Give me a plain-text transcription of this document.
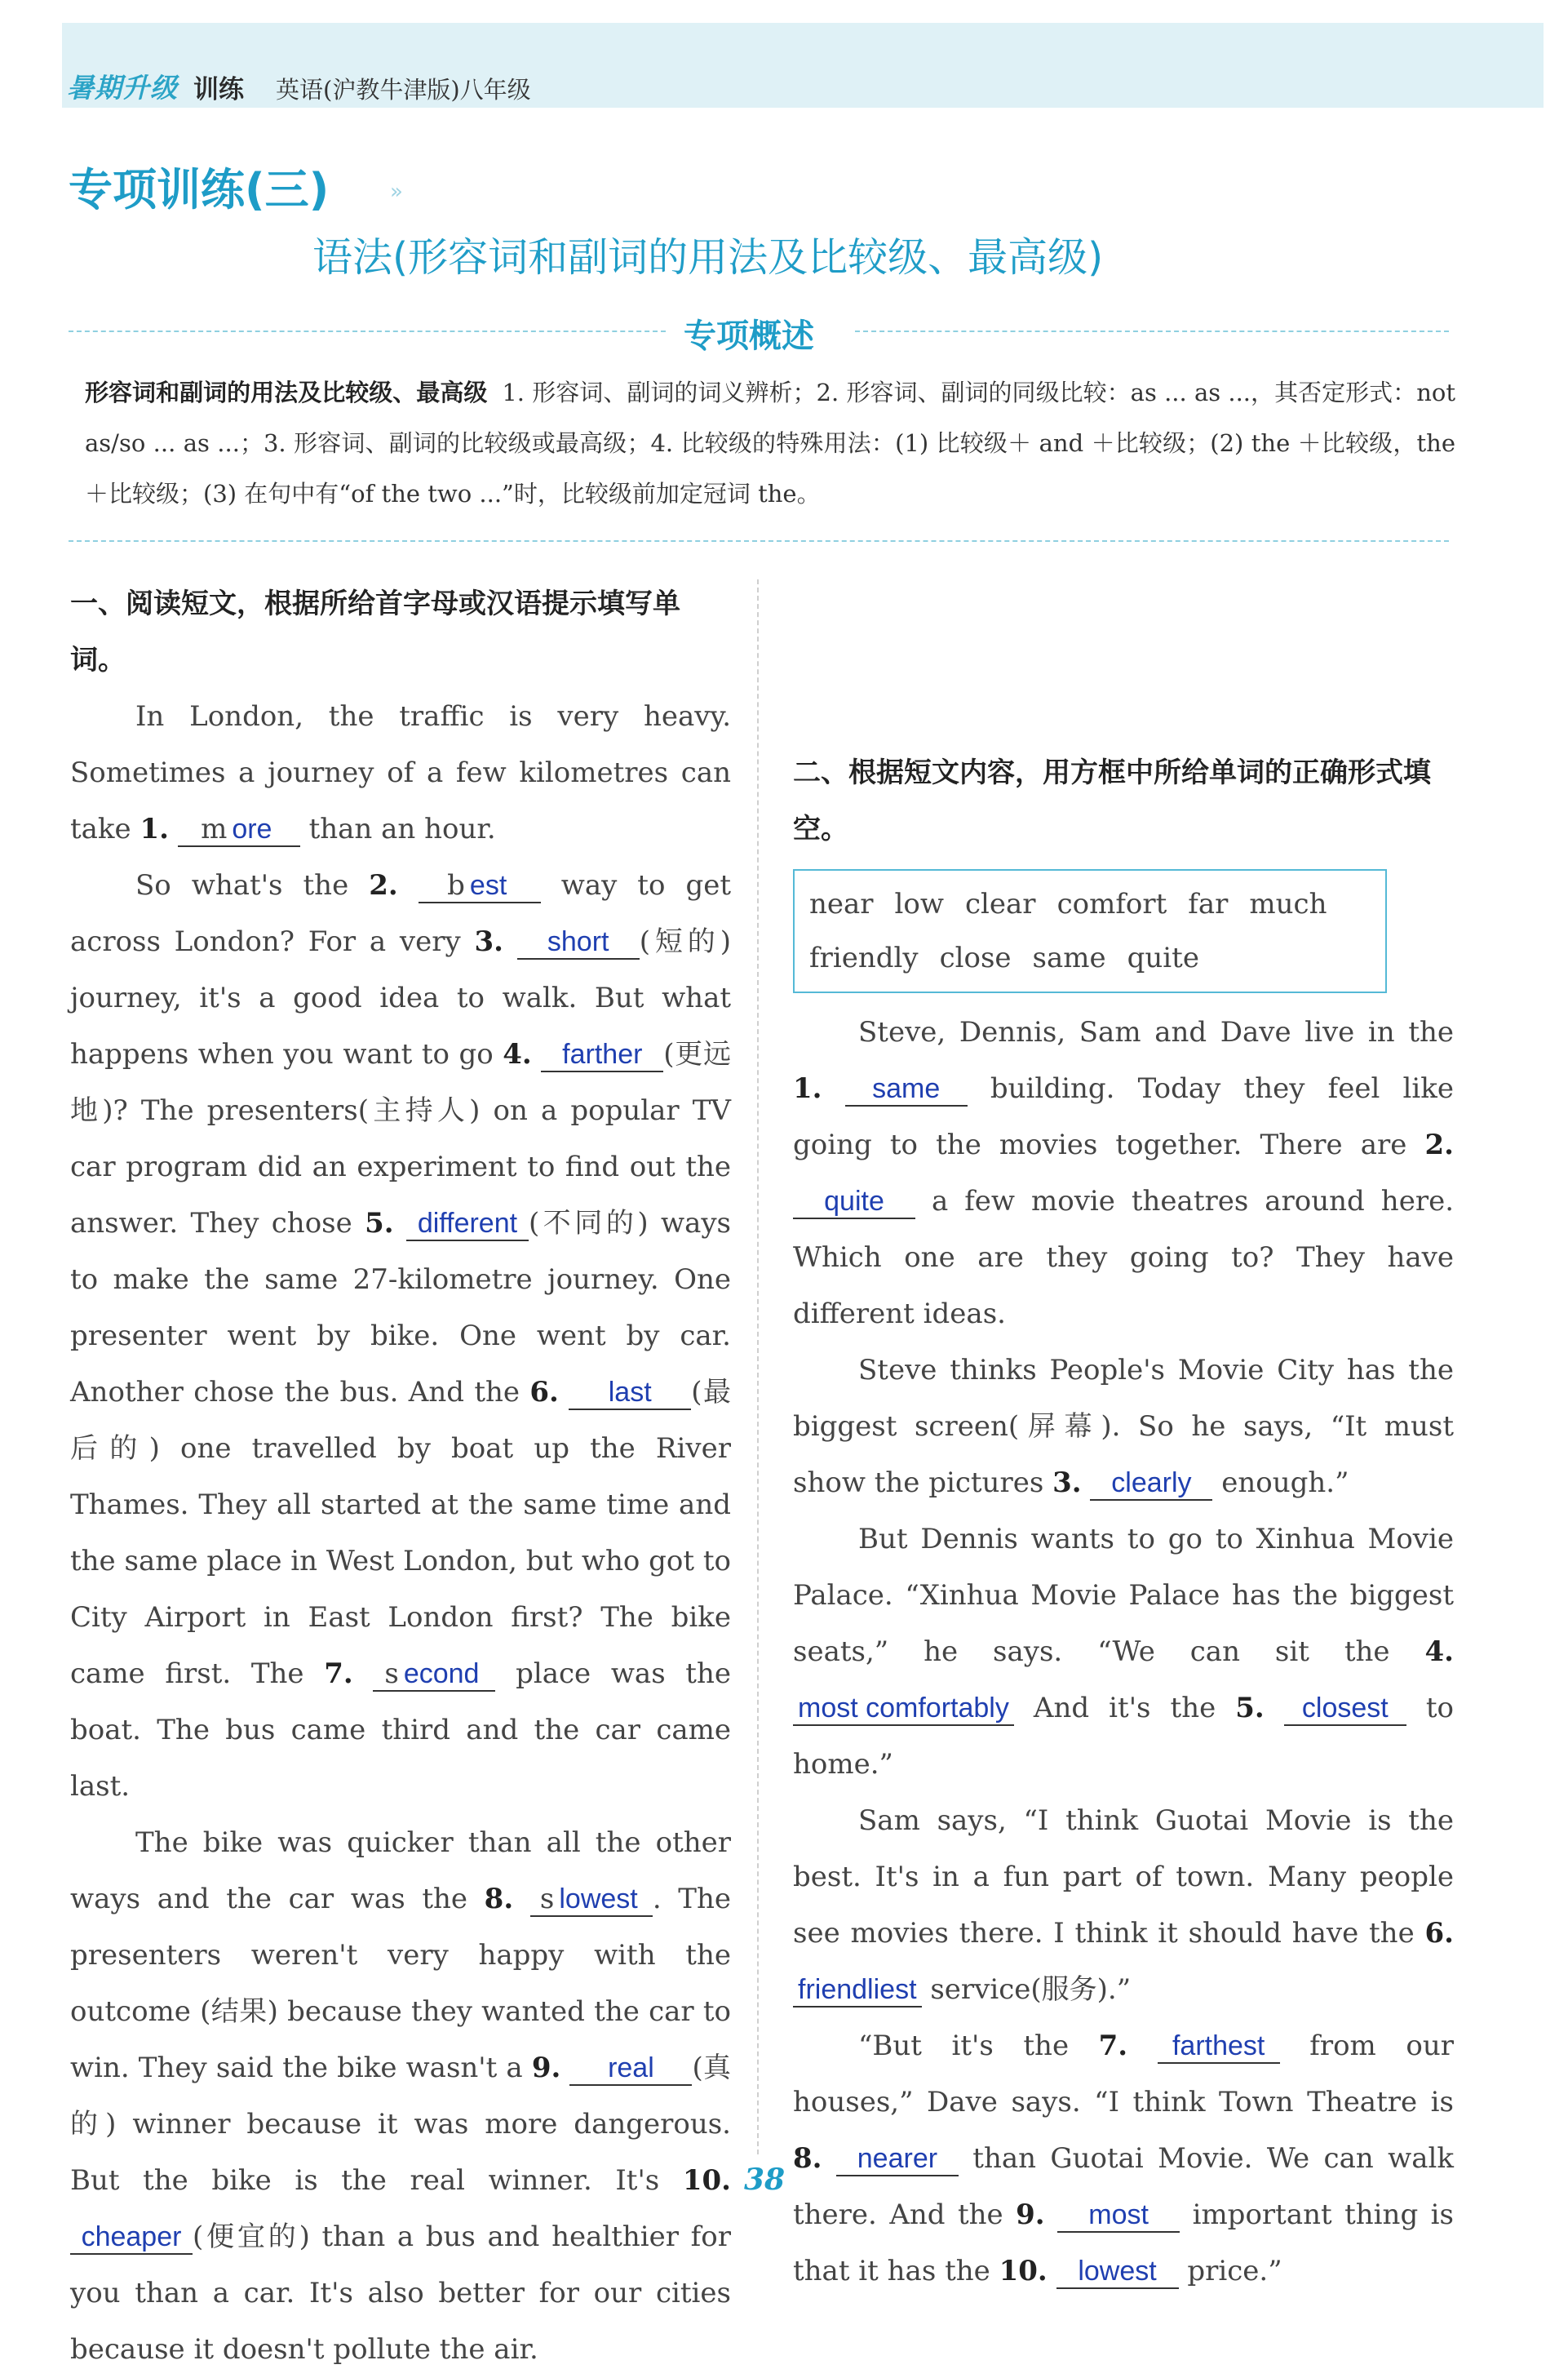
暑期升级 训练 英语(沪教牛津版)八年级
专项训练(三)	»
语法(形容词和副词的用法及比较级、最高级)
专项概述
形容词和副词的用法及比较级、最高级 1. 形容词、副词的词义辨析；2. 形容词、副词的同级比较：as ... as ...，其否定形式：not as/so ... as ...；3. 形容词、副词的比较级或最高级；4. 比较级的特殊用法：(1) 比较级＋ and ＋比较级；(2) the ＋比较级，the ＋比较级；(3) 在句中有“of the two ...”时，比较级前加定冠词 the。

一、阅读短文，根据所给首字母或汉语提示填写单词。

In London, the traffic is very heavy. Sometimes a journey of a few kilometres can take 1. m ore than an hour.

So what's the 2. b est way to get across London? For a very 3. short (短的) journey, it's a good idea to walk. But what happens when you want to go 4. farther (更远地)? The presenters(主持人) on a popular TV car program did an experiment to find out the answer. They chose 5. different (不同的) ways to make the same 27-kilometre journey. One presenter went by bike. One went by car. Another chose the bus. And the 6. last (最后的) one travelled by boat up the River Thames. They all started at the same time and the same place in West London, but who got to City Airport in East London first? The bike came first. The 7. s econd place was the boat. The bus came third and the car came last.

The bike was quicker than all the other ways and the car was the 8. s lowest . The presenters weren't very happy with the outcome (结果) because they wanted the car to win. They said the bike wasn't a 9. real (真的) winner because it was more dangerous. But the bike is the real winner. It's 10. cheaper (便宜的) than a bus and healthier for you than a car. It's also better for our cities because it doesn't pollute the air.

二、根据短文内容，用方框中所给单词的正确形式填空。

near low clear comfort far much
friendly close same quite

Steve, Dennis, Sam and Dave live in the 1. same building. Today they feel like going to the movies together. There are 2. quite a few movie theatres around here. Which one are they going to? They have different ideas.

Steve thinks People's Movie City has the biggest screen(屏幕). So he says, “It must show the pictures 3. clearly enough.”

But Dennis wants to go to Xinhua Movie Palace. “Xinhua Movie Palace has the biggest seats,” he says. “We can sit the 4. most comfortably And it's the 5. closest to home.”

Sam says, “I think Guotai Movie is the best. It's in a fun part of town. Many people see movies there. I think it should have the 6. friendliest service(服务).”

“But it's the 7. farthest from our houses,” Dave says. “I think Town Theatre is 8. nearer than Guotai Movie. We can walk there. And the 9. most important thing is that it has the 10. lowest price.”

38
